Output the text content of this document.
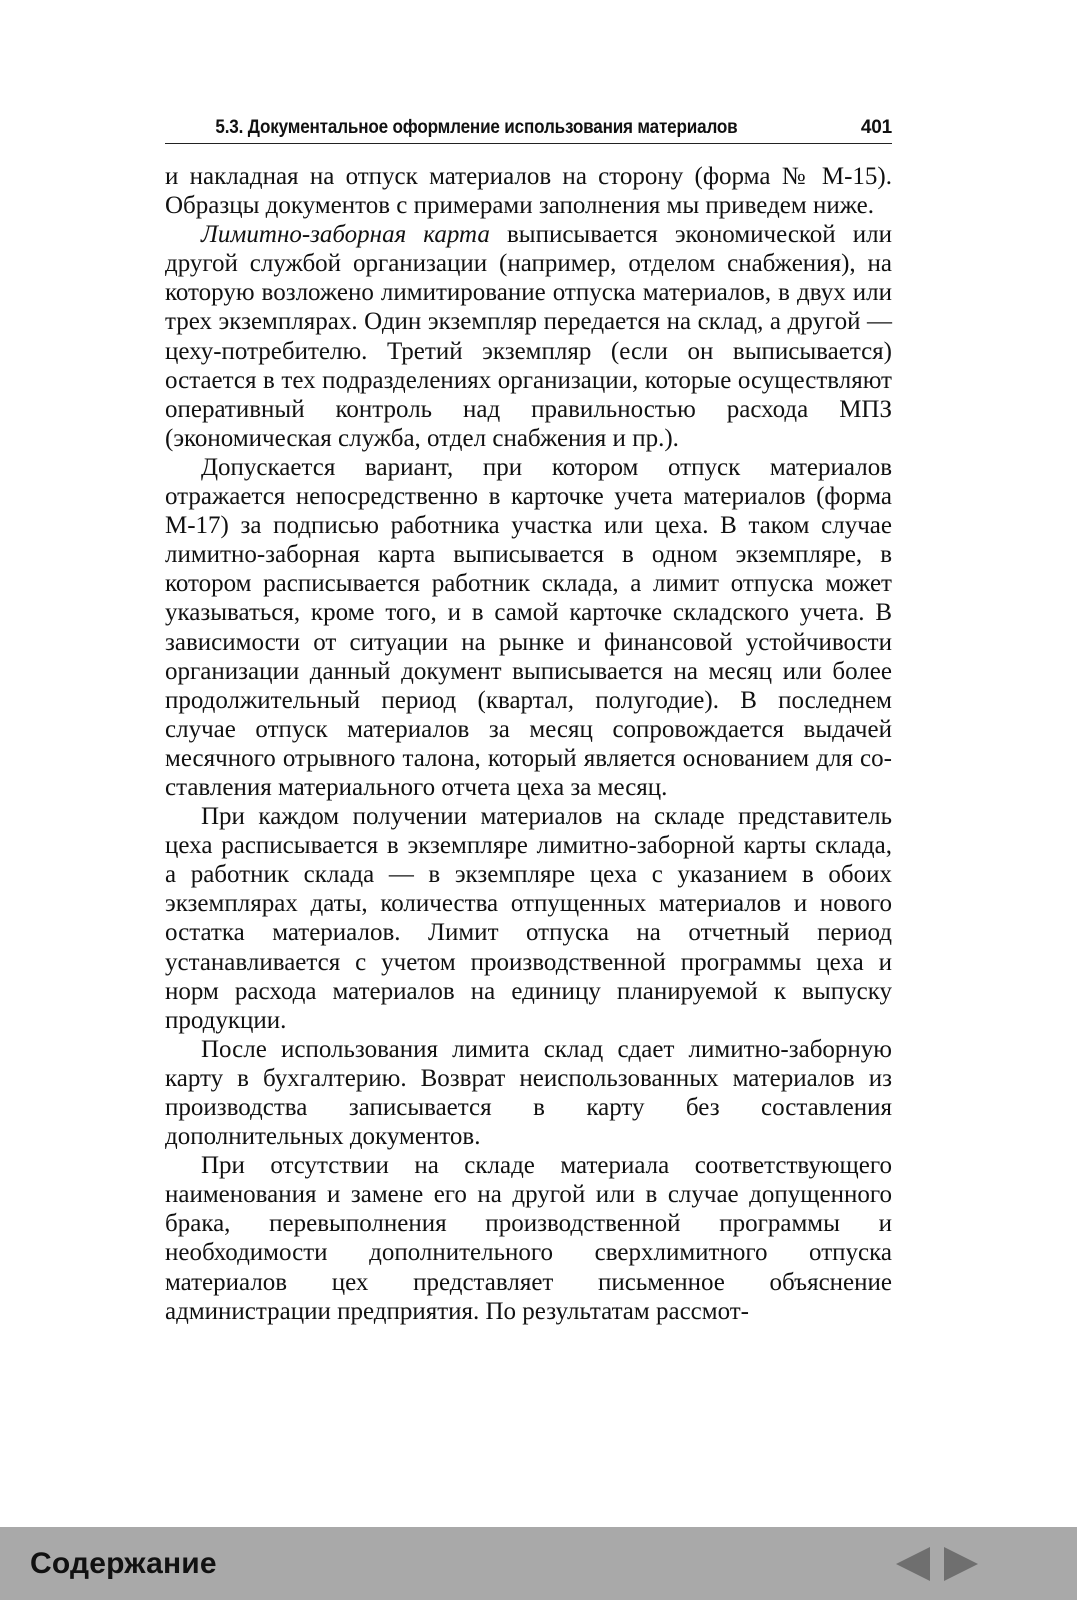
5.3. Документальное оформление использования материалов	401

и накладная на отпуск материалов на сторону (форма № М-15). Образцы документов с примерами заполнения мы приведем ниже.

Лимитно-заборная карта выписывается экономической или другой службой организации (например, отделом снабжения), на которую возложено лимитирование отпуска материалов, в двух или трех экземплярах. Один экземпляр передается на склад, а другой — цеху-потребителю. Третий экземпляр (если он выписывается) остается в тех подразделениях организации, которые осуществляют оперативный контроль над правильностью расхода МПЗ (экономическая служба, отдел снабжения и пр.).

Допускается вариант, при котором отпуск материалов отражается непосредственно в карточке учета материалов (форма М-17) за подписью работника участка или цеха. В таком случае лимитно-заборная карта выписывается в одном экземпляре, в котором расписывается работник склада, а лимит отпуска может указываться, кроме того, и в самой карточке складского учета. В зависимости от ситуации на рынке и финансовой устойчивости организации данный документ выписывается на месяц или более продолжительный период (квартал, полугодие). В последнем случае отпуск материалов за месяц сопровождается выдачей месячного отрывного талона, который является основанием для составления материального отчета цеха за месяц.

При каждом получении материалов на складе представитель цеха расписывается в экземпляре лимитно-заборной карты склада, а работник склада — в экземпляре цеха с указанием в обоих экземплярах даты, количества отпущенных материалов и нового остатка материалов. Лимит отпуска на отчетный период устанавливается с учетом производственной программы цеха и норм расхода материалов на единицу планируемой к выпуску продукции.

После использования лимита склад сдает лимитно-заборную карту в бухгалтерию. Возврат неиспользованных материалов из производства записывается в карту без составления дополнительных документов.

При отсутствии на складе материала соответствующего наименования и замене его на другой или в случае допущенного брака, перевыполнения производственной программы и необходимости дополнительного сверхлимитного отпуска материалов цех представляет письменное объяснение администрации предприятия. По результатам рассмот-

Содержание
